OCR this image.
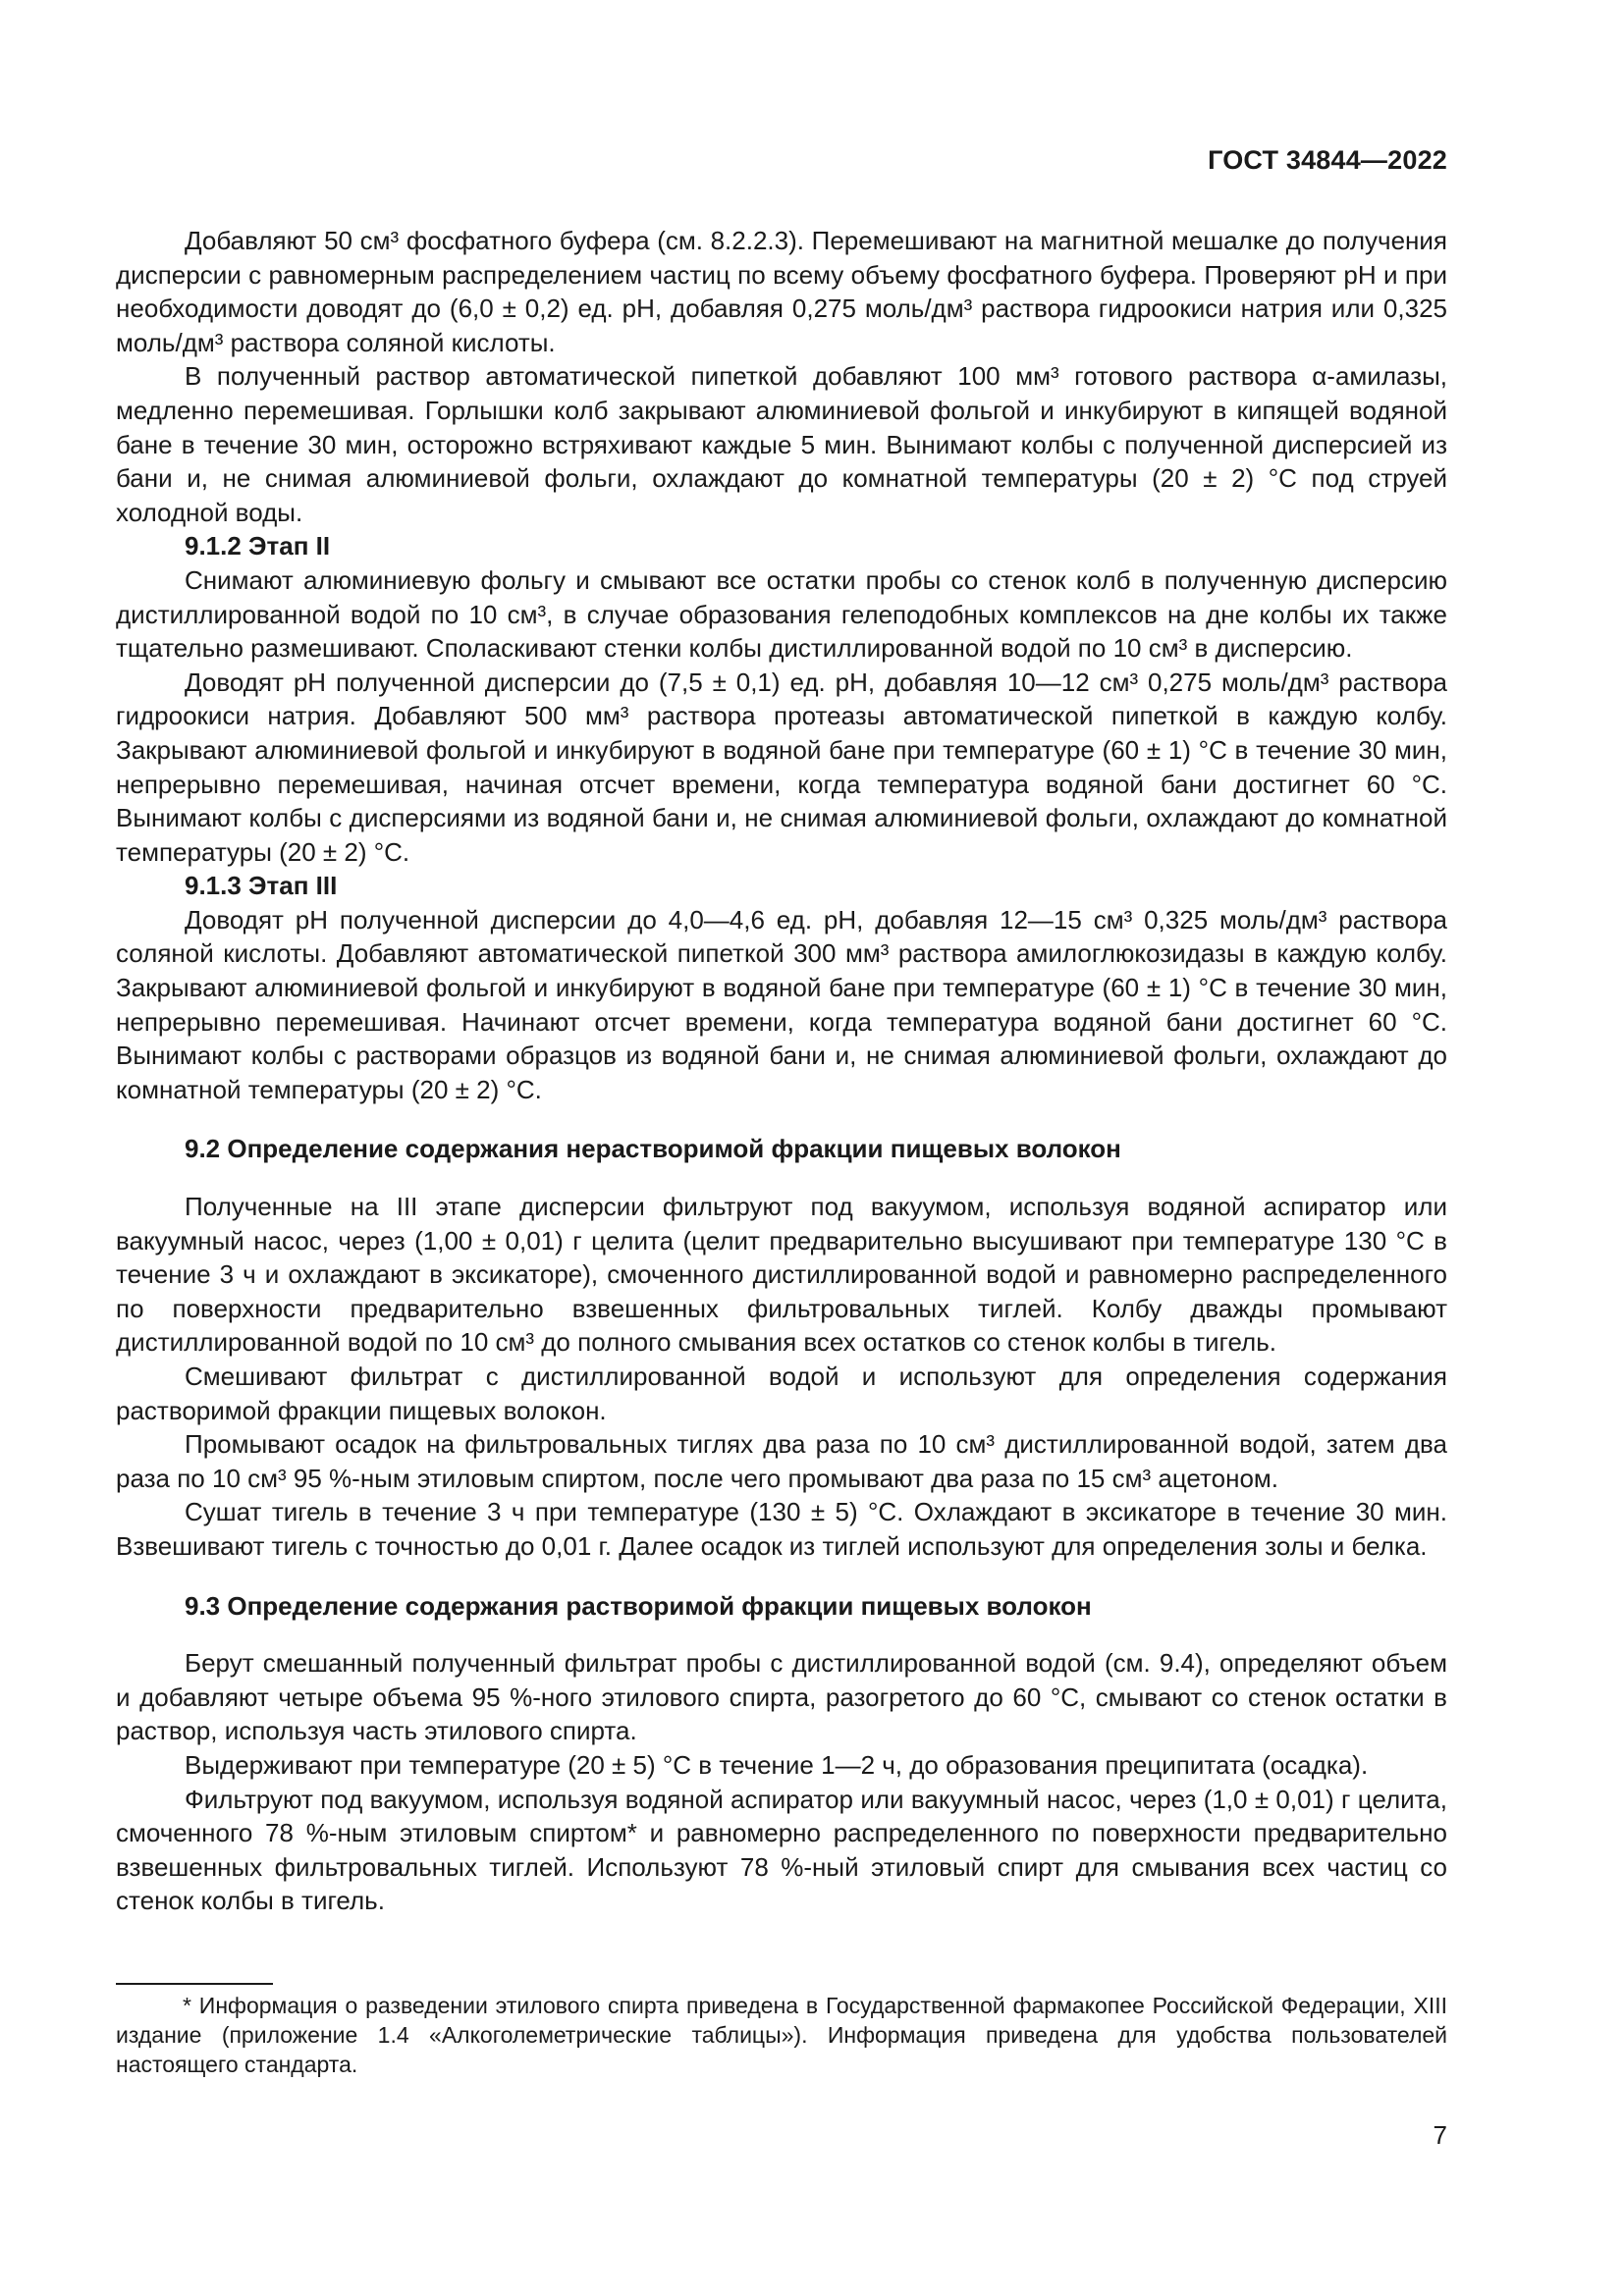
ГОСТ 34844—2022

Добавляют 50 см³ фосфатного буфера (см. 8.2.2.3). Перемешивают на магнитной мешалке до получения дисперсии с равномерным распределением частиц по всему объему фосфатного буфера. Проверяют pH и при необходимости доводят до (6,0 ± 0,2) ед. pH, добавляя 0,275 моль/дм³ раствора гидроокиси натрия или 0,325 моль/дм³ раствора соляной кислоты.

В полученный раствор автоматической пипеткой добавляют 100 мм³ готового раствора α-амилазы, медленно перемешивая. Горлышки колб закрывают алюминиевой фольгой и инкубируют в кипящей водяной бане в течение 30 мин, осторожно встряхивают каждые 5 мин. Вынимают колбы с полученной дисперсией из бани и, не снимая алюминиевой фольги, охлаждают до комнатной температуры (20 ± 2) °С под струей холодной воды.

9.1.2 Этап II

Снимают алюминиевую фольгу и смывают все остатки пробы со стенок колб в полученную дисперсию дистиллированной водой по 10 см³, в случае образования гелеподобных комплексов на дне колбы их также тщательно размешивают. Споласкивают стенки колбы дистиллированной водой по 10 см³ в дисперсию.

Доводят pH полученной дисперсии до (7,5 ± 0,1) ед. pH, добавляя 10—12 см³ 0,275 моль/дм³ раствора гидроокиси натрия. Добавляют 500 мм³ раствора протеазы автоматической пипеткой в каждую колбу. Закрывают алюминиевой фольгой и инкубируют в водяной бане при температуре (60 ± 1) °С в течение 30 мин, непрерывно перемешивая, начиная отсчет времени, когда температура водяной бани достигнет 60 °С. Вынимают колбы с дисперсиями из водяной бани и, не снимая алюминиевой фольги, охлаждают до комнатной температуры (20 ± 2) °С.

9.1.3 Этап III

Доводят pH полученной дисперсии до 4,0—4,6 ед. pH, добавляя 12—15 см³ 0,325 моль/дм³ раствора соляной кислоты. Добавляют автоматической пипеткой 300 мм³ раствора амилоглюкозидазы в каждую колбу. Закрывают алюминиевой фольгой и инкубируют в водяной бане при температуре (60 ± 1) °С в течение 30 мин, непрерывно перемешивая. Начинают отсчет времени, когда температура водяной бани достигнет 60 °С. Вынимают колбы с растворами образцов из водяной бани и, не снимая алюминиевой фольги, охлаждают до комнатной температуры (20 ± 2) °С.

9.2 Определение содержания нерастворимой фракции пищевых волокон

Полученные на III этапе дисперсии фильтруют под вакуумом, используя водяной аспиратор или вакуумный насос, через (1,00 ± 0,01) г целита (целит предварительно высушивают при температуре 130 °С в течение 3 ч и охлаждают в эксикаторе), смоченного дистиллированной водой и равномерно распределенного по поверхности предварительно взвешенных фильтровальных тиглей. Колбу дважды промывают дистиллированной водой по 10 см³ до полного смывания всех остатков со стенок колбы в тигель.

Смешивают фильтрат с дистиллированной водой и используют для определения содержания растворимой фракции пищевых волокон.

Промывают осадок на фильтровальных тиглях два раза по 10 см³ дистиллированной водой, затем два раза по 10 см³ 95 %-ным этиловым спиртом, после чего промывают два раза по 15 см³ ацетоном.

Сушат тигель в течение 3 ч при температуре (130 ± 5) °С. Охлаждают в эксикаторе в течение 30 мин. Взвешивают тигель с точностью до 0,01 г. Далее осадок из тиглей используют для определения золы и белка.

9.3 Определение содержания растворимой фракции пищевых волокон

Берут смешанный полученный фильтрат пробы с дистиллированной водой (см. 9.4), определяют объем и добавляют четыре объема 95 %-ного этилового спирта, разогретого до 60 °С, смывают со стенок остатки в раствор, используя часть этилового спирта.

Выдерживают при температуре (20 ± 5) °С в течение 1—2 ч, до образования преципитата (осадка).

Фильтруют под вакуумом, используя водяной аспиратор или вакуумный насос, через (1,0 ± 0,01) г целита, смоченного 78 %-ным этиловым спиртом* и равномерно распределенного по поверхности предварительно взвешенных фильтровальных тиглей. Используют 78 %-ный этиловый спирт для смывания всех частиц со стенок колбы в тигель.

* Информация о разведении этилового спирта приведена в Государственной фармакопее Российской Федерации, XIII издание (приложение 1.4 «Алкоголеметрические таблицы»). Информация приведена для удобства пользователей настоящего стандарта.

7
